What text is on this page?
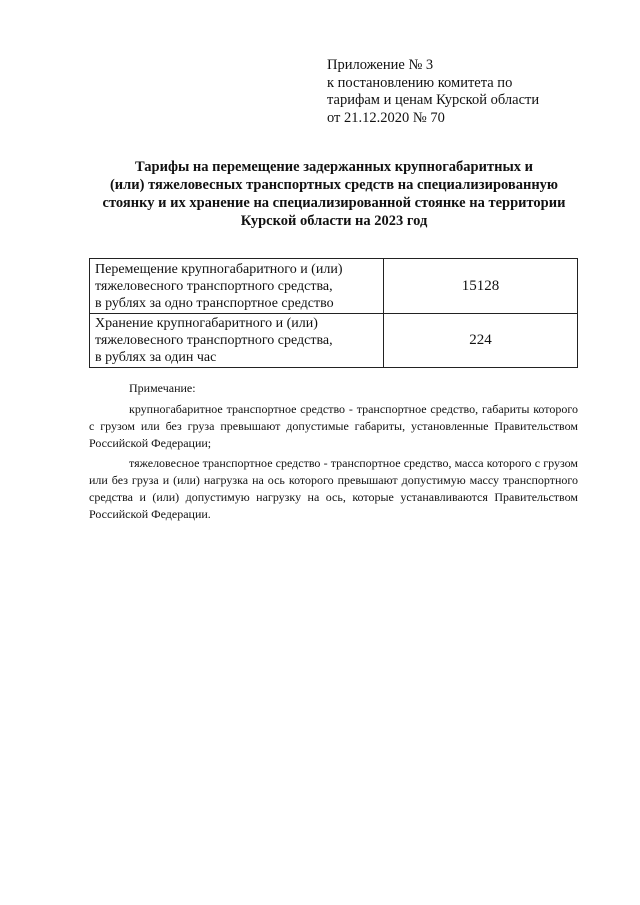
Приложение № 3
к постановлению комитета по
тарифам и ценам Курской области
от 21.12.2020 № 70
Тарифы на перемещение задержанных крупногабаритных и
(или) тяжеловесных транспортных средств на специализированную
стоянку и их хранение на специализированной стоянке на территории
Курской области на 2023 год
Перемещение крупногабаритного и (или)
тяжеловесного транспортного средства,
в рублях за одно транспортное средство	15128

Хранение крупногабаритного и (или)
тяжеловесного транспортного средства,
в рублях за один час	224
Примечание:

крупногабаритное транспортное средство - транспортное средство, габариты которого с грузом или без груза превышают допустимые габариты, установленные Правительством Российской Федерации;

тяжеловесное транспортное средство - транспортное средство, масса которого с грузом или без груза и (или) нагрузка на ось которого превышают допустимую массу транспортного средства и (или) допустимую нагрузку на ось, которые устанавливаются Правительством Российской Федерации.
